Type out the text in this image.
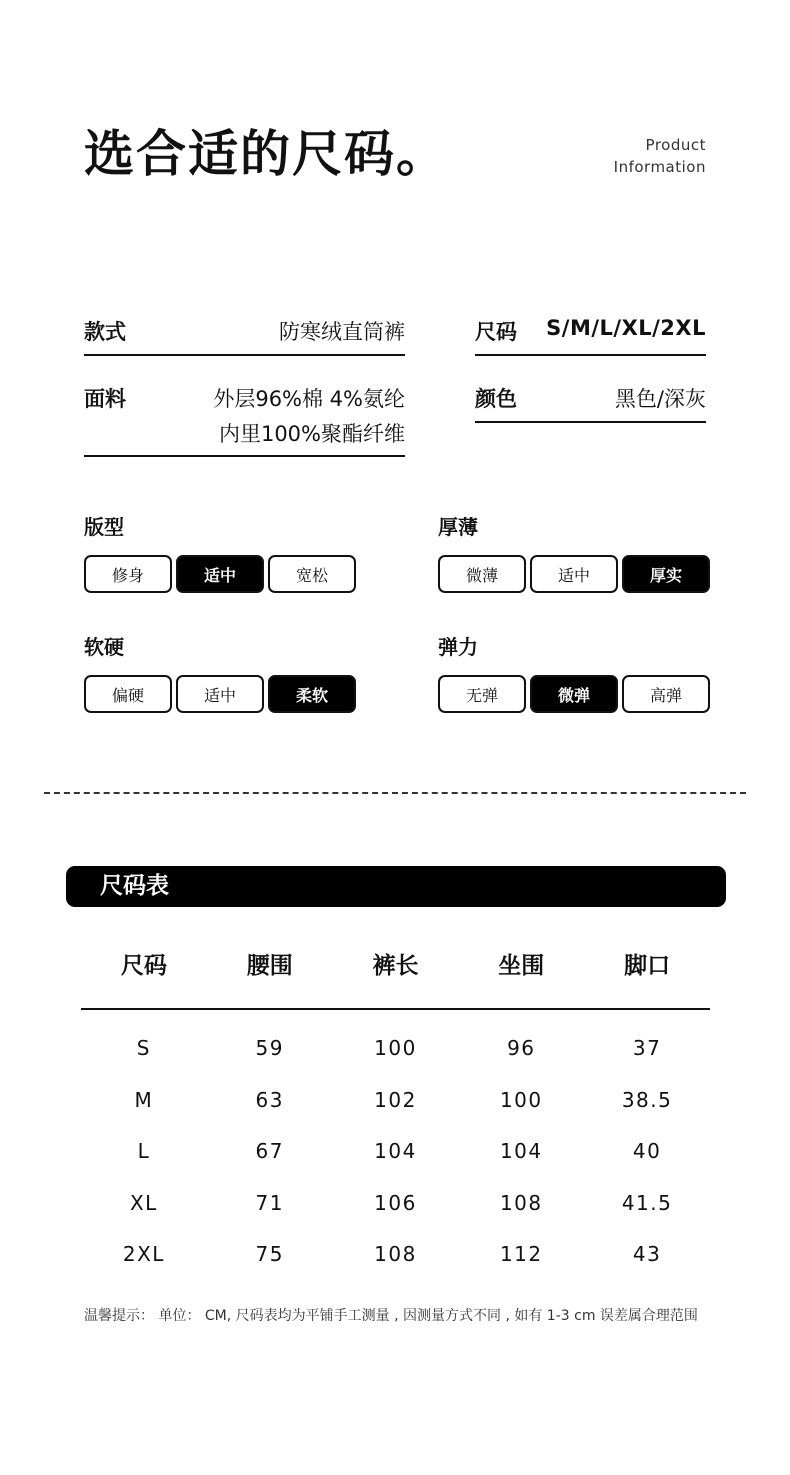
选合适的尺码。	Product
Information
款式	防寒绒直筒裤	尺码 S/M/L/XL/2XL
面料	外层96%棉 4%氨纶
内里100%聚酯纤维
颜色	黑色/深灰
版型
修身	适中	宽松
厚薄
微薄	适中	厚实
软硬
偏硬	适中	柔软
弹力
无弹	微弹	高弹
尺码表
尺码	腰围	裤长	坐围	脚口
S	59	100	96	37
M	63	102	100	38.5
L	67	104	104	40
XL	71	106	108	41.5
2XL	75	108	112	43
温馨提示： 单位： CM, 尺码表均为平铺手工测量 , 因测量方式不同 , 如有 1-3 cm 误差属合理范围
